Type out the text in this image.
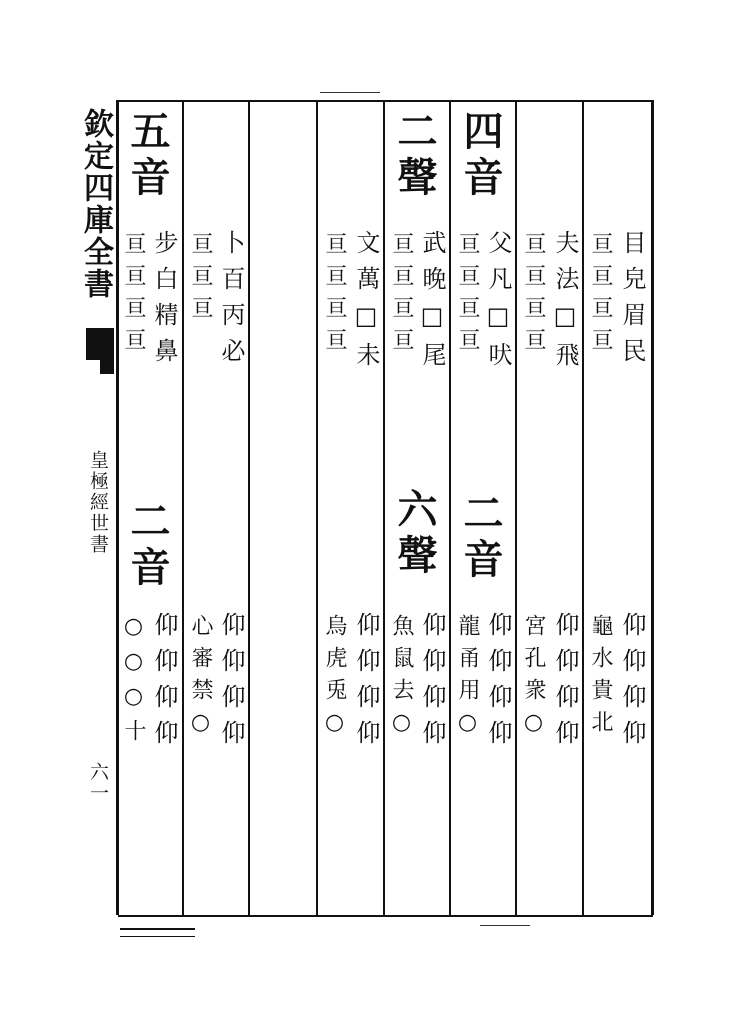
欽定四庫全書
皇極經世書
六一
五音
步白精鼻
亘亘亘亘
二音
仰仰仰仰
○○○十
卜百丙必
亘亘亘
仰仰仰仰
心審禁○
文萬□未
亘亘亘亘
仰仰仰仰
烏虎兎○
二聲
武晚□尾
亘亘亘亘
六聲
仰仰仰仰
魚鼠去○
四音
父凡□吠
亘亘亘亘
二音
仰仰仰仰
龍甬用○
夫法□飛
亘亘亘亘
仰仰仰仰
宮孔衆○
目皃眉民
亘亘亘亘
仰仰仰仰
龜水貴北
